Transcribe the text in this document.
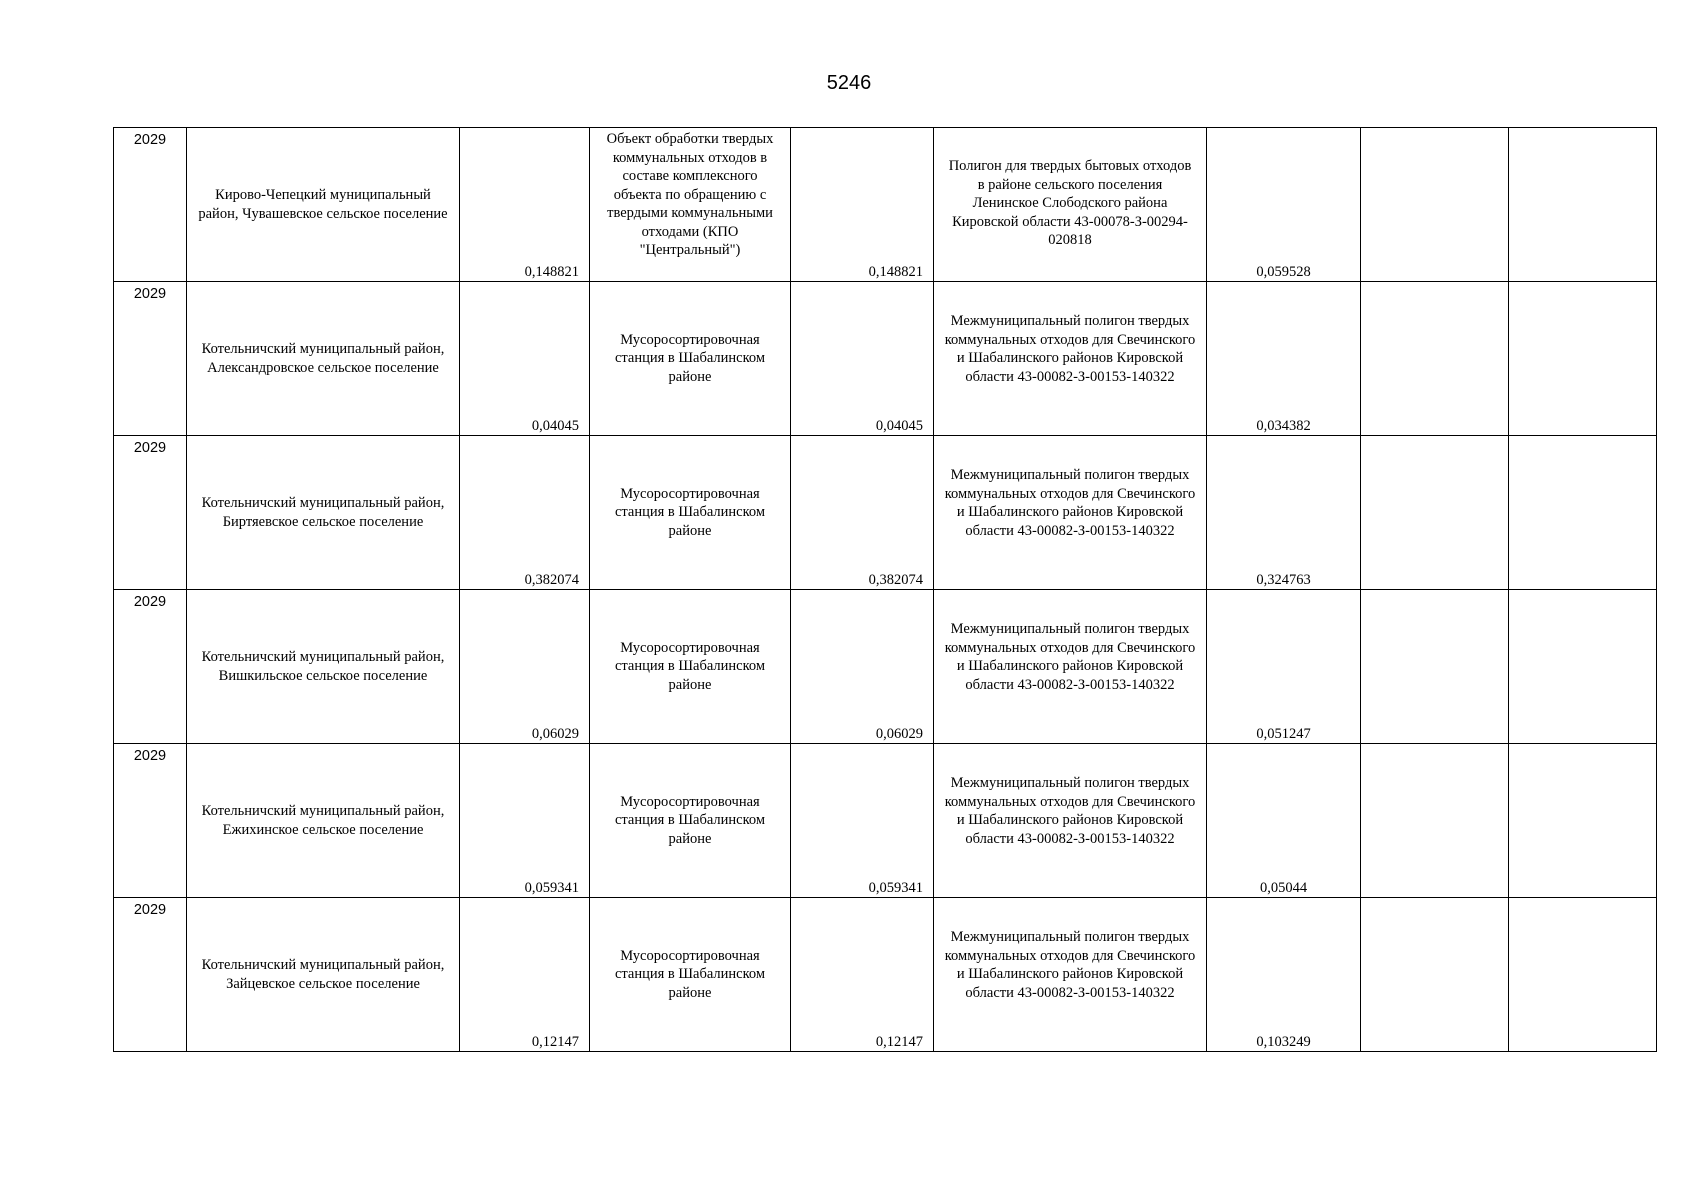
5246
2029	Кирово-Чепецкий муниципальный район, Чувашевское сельское поселение	0,148821	Объект обработки твердых коммунальных отходов в составе комплексного объекта по обращению с твердыми коммунальными отходами (КПО "Центральный")	0,148821	Полигон для твердых бытовых отходов в районе сельского поселения Ленинское Слободского района Кировской области 43-00078-З-00294-020818	0,059528		

2029	Котельничский муниципальный район, Александровское сельское поселение	0,04045	Мусоросортировочная станция в Шабалинском районе	0,04045	Межмуниципальный полигон твердых коммунальных отходов для Свечинского и Шабалинского районов Кировской области 43-00082-З-00153-140322	0,034382		

2029	Котельничский муниципальный район, Биртяевское сельское поселение	0,382074	Мусоросортировочная станция в Шабалинском районе	0,382074	Межмуниципальный полигон твердых коммунальных отходов для Свечинского и Шабалинского районов Кировской области 43-00082-З-00153-140322	0,324763		

2029	Котельничский муниципальный район, Вишкильское сельское поселение	0,06029	Мусоросортировочная станция в Шабалинском районе	0,06029	Межмуниципальный полигон твердых коммунальных отходов для Свечинского и Шабалинского районов Кировской области 43-00082-З-00153-140322	0,051247		

2029	Котельничский муниципальный район, Ежихинское сельское поселение	0,059341	Мусоросортировочная станция в Шабалинском районе	0,059341	Межмуниципальный полигон твердых коммунальных отходов для Свечинского и Шабалинского районов Кировской области 43-00082-З-00153-140322	0,05044		

2029	Котельничский муниципальный район, Зайцевское сельское поселение	0,12147	Мусоросортировочная станция в Шабалинском районе	0,12147	Межмуниципальный полигон твердых коммунальных отходов для Свечинского и Шабалинского районов Кировской области 43-00082-З-00153-140322	0,103249		
